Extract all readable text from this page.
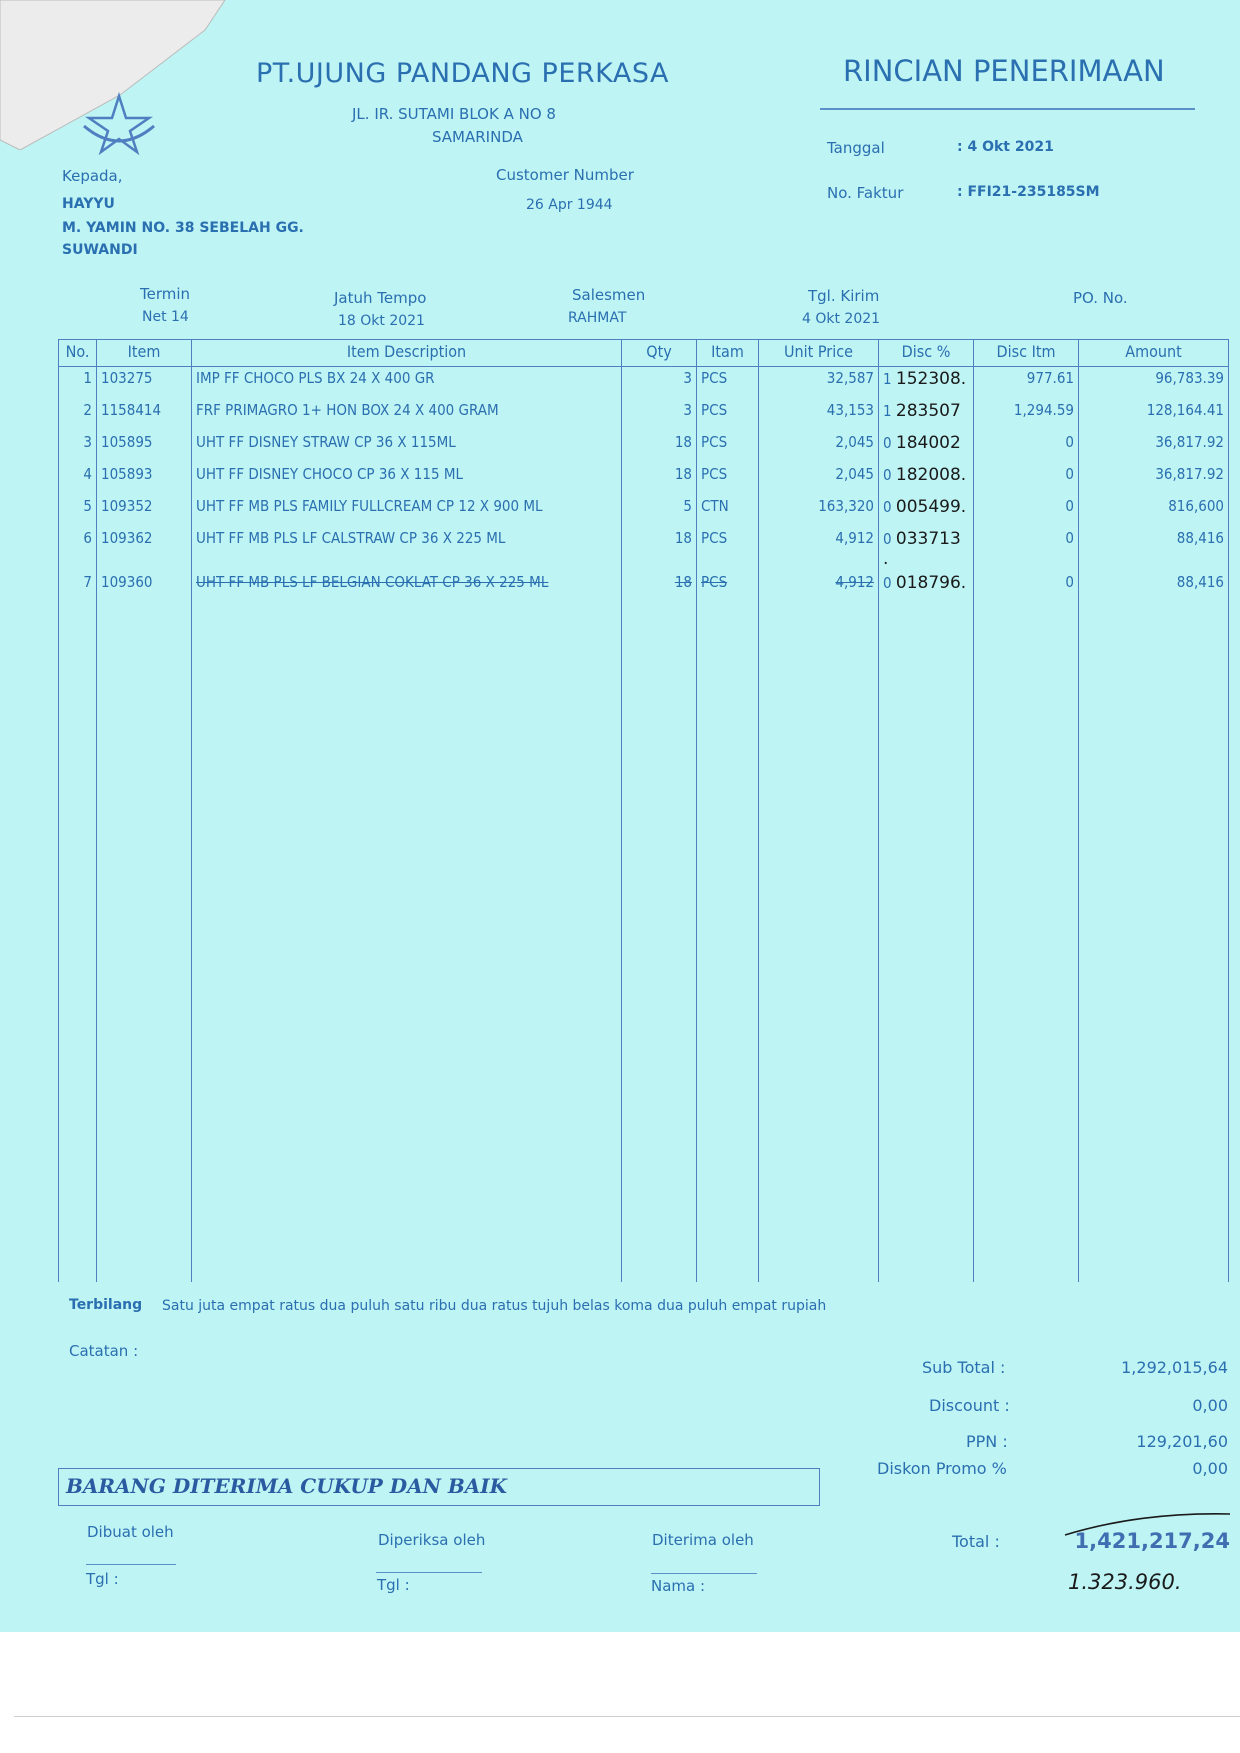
PT.UJUNG PANDANG PERKASA	RINCIAN PENERIMAAN
JL. IR. SUTAMI BLOK A NO 8
SAMARINDA
Kepada,
HAYYU
M. YAMIN NO. 38 SEBELAH GG.
SUWANDI
Customer Number
26 Apr 1944
Tanggal	: 4 Okt 2021
No. Faktur	: FFI21-235185SM
Termin
Net 14
Jatuh Tempo
18 Okt 2021
Salesmen
RAHMAT
Tgl. Kirim
4 Okt 2021
PO. No.
No.	Item	Item Description	Qty	Itam	Unit Price	Disc %	Disc Itm	Amount
1	103275	IMP FF CHOCO PLS BX 24 X 400 GR	3	PCS	32,587	1 152308.	977.61	96,783.39
2	1158414	FRF PRIMAGRO 1+ HON BOX 24 X 400 GRAM	3	PCS	43,153	1 283507	1,294.59	128,164.41
3	105895	UHT FF DISNEY STRAW CP 36 X 115ML	18	PCS	2,045	0 184002	0	36,817.92
4	105893	UHT FF DISNEY CHOCO CP 36 X 115 ML	18	PCS	2,045	0 182008.	0	36,817.92
5	109352	UHT FF MB PLS FAMILY FULLCREAM CP 12 X 900 ML	5	CTN	163,320	0 005499.	0	816,600
6	109362	UHT FF MB PLS LF CALSTRAW CP 36 X 225 ML	18	PCS	4,912	0 033713 .	0	88,416
7	109360	UHT FF MB PLS LF BELGIAN COKLAT CP 36 X 225 ML	18	PCS	4,912	0 018796.	0	88,416

Terbilang Satu juta empat ratus dua puluh satu ribu dua ratus tujuh belas koma dua puluh empat rupiah
Catatan :
Sub Total :	1,292,015,64
Discount :	0,00
PPN :	129,201,60
Diskon Promo %	0,00
Total :	1,421,217,24
1.323.960.
BARANG DITERIMA CUKUP DAN BAIK
Dibuat oleh
Tgl :
Diperiksa oleh
Tgl :
Diterima oleh
Nama :
